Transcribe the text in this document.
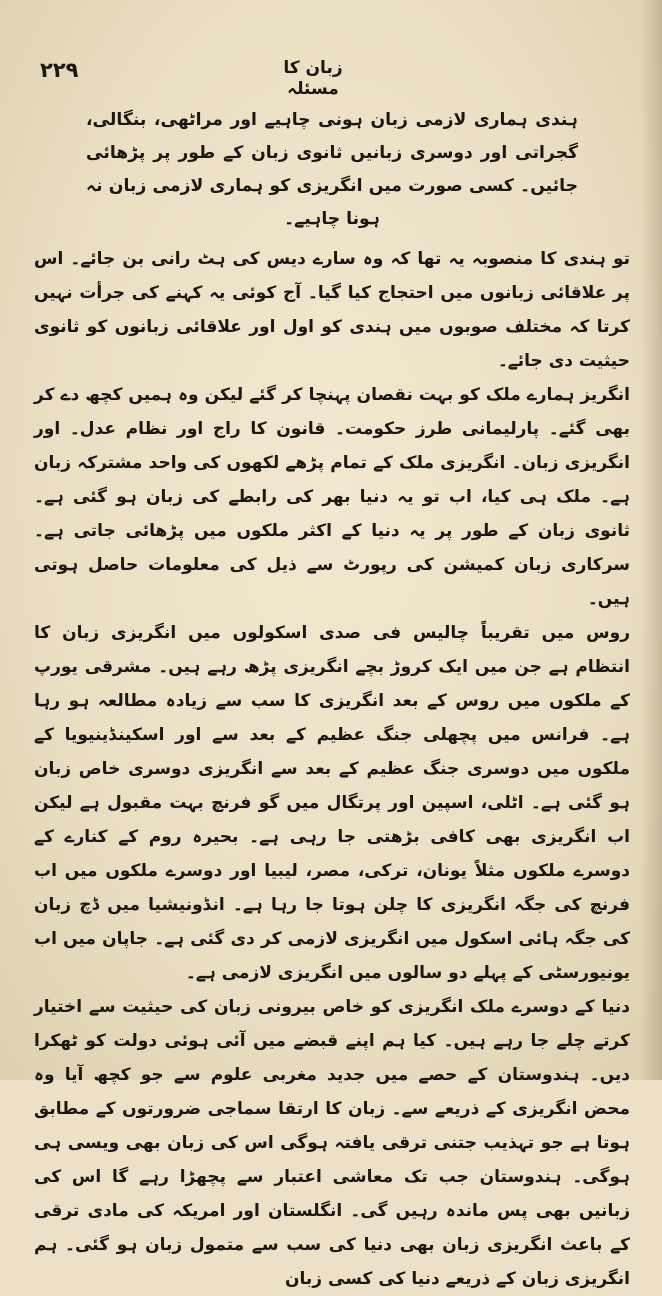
۲۲۹	زبان کا مسئلہ

ہندی ہماری لازمی زبان ہونی چاہیے اور مراٹھی، بنگالی، گجراتی اور دوسری زبانیں ثانوی زبان کے طور پر پڑھائی جائیں۔ کسی صورت میں انگریزی کو ہماری لازمی زبان نہ ہونا چاہیے۔

تو ہندی کا منصوبہ یہ تھا کہ وہ سارے دیس کی ہٹ رانی بن جائے۔ اس پر علاقائی زبانوں میں احتجاج کیا گیا۔ آج کوئی یہ کہنے کی جرأت نہیں کرتا کہ مختلف صوبوں میں ہندی کو اول اور علاقائی زبانوں کو ثانوی حیثیت دی جائے۔

انگریز ہمارے ملک کو بہت نقصان پہنچا کر گئے لیکن وہ ہمیں کچھ دے کر بھی گئے۔ پارلیمانی طرز حکومت۔ قانون کا راج اور نظام عدل۔ اور انگریزی زبان۔ انگریزی ملک کے تمام پڑھے لکھوں کی واحد مشترکہ زبان ہے۔ ملک ہی کیا، اب تو یہ دنیا بھر کی رابطے کی زبان ہو گئی ہے۔ ثانوی زبان کے طور پر یہ دنیا کے اکثر ملکوں میں پڑھائی جاتی ہے۔ سرکاری زبان کمیشن کی رپورٹ سے ذیل کی معلومات حاصل ہوتی ہیں۔

روس میں تقریباً چالیس فی صدی اسکولوں میں انگریزی زبان کا انتظام ہے جن میں ایک کروڑ بچے انگریزی پڑھ رہے ہیں۔ مشرقی یورپ کے ملکوں میں روس کے بعد انگریزی کا سب سے زیادہ مطالعہ ہو رہا ہے۔ فرانس میں پچھلی جنگ عظیم کے بعد سے اور اسکینڈینیویا کے ملکوں میں دوسری جنگ عظیم کے بعد سے انگریزی دوسری خاص زبان ہو گئی ہے۔ اٹلی، اسپین اور پرتگال میں گو فرنچ بہت مقبول ہے لیکن اب انگریزی بھی کافی بڑھتی جا رہی ہے۔ بحیرہ روم کے کنارے کے دوسرے ملکوں مثلاً یونان، ترکی، مصر، لیبیا اور دوسرے ملکوں میں اب فرنچ کی جگہ انگریزی کا چلن ہوتا جا رہا ہے۔ انڈونیشیا میں ڈچ زبان کی جگہ ہائی اسکول میں انگریزی لازمی کر دی گئی ہے۔ جاپان میں اب یونیورسٹی کے پہلے دو سالوں میں انگریزی لازمی ہے۔

دنیا کے دوسرے ملک انگریزی کو خاص بیرونی زبان کی حیثیت سے اختیار کرتے چلے جا رہے ہیں۔ کیا ہم اپنے قبضے میں آئی ہوئی دولت کو ٹھکرا دیں۔ ہندوستان کے حصے میں جدید مغربی علوم سے جو کچھ آیا وہ محض انگریزی کے ذریعے سے۔ زبان کا ارتقا سماجی ضرورتوں کے مطابق ہوتا ہے جو تہذیب جتنی ترقی یافتہ ہوگی اس کی زبان بھی ویسی ہی ہوگی۔ ہندوستان جب تک معاشی اعتبار سے پچھڑا رہے گا اس کی زبانیں بھی پس ماندہ رہیں گی۔ انگلستان اور امریکہ کی مادی ترقی کے باعث انگریزی زبان بھی دنیا کی سب سے متمول زبان ہو گئی۔ ہم انگریزی زبان کے ذریعے دنیا کی کسی زبان
